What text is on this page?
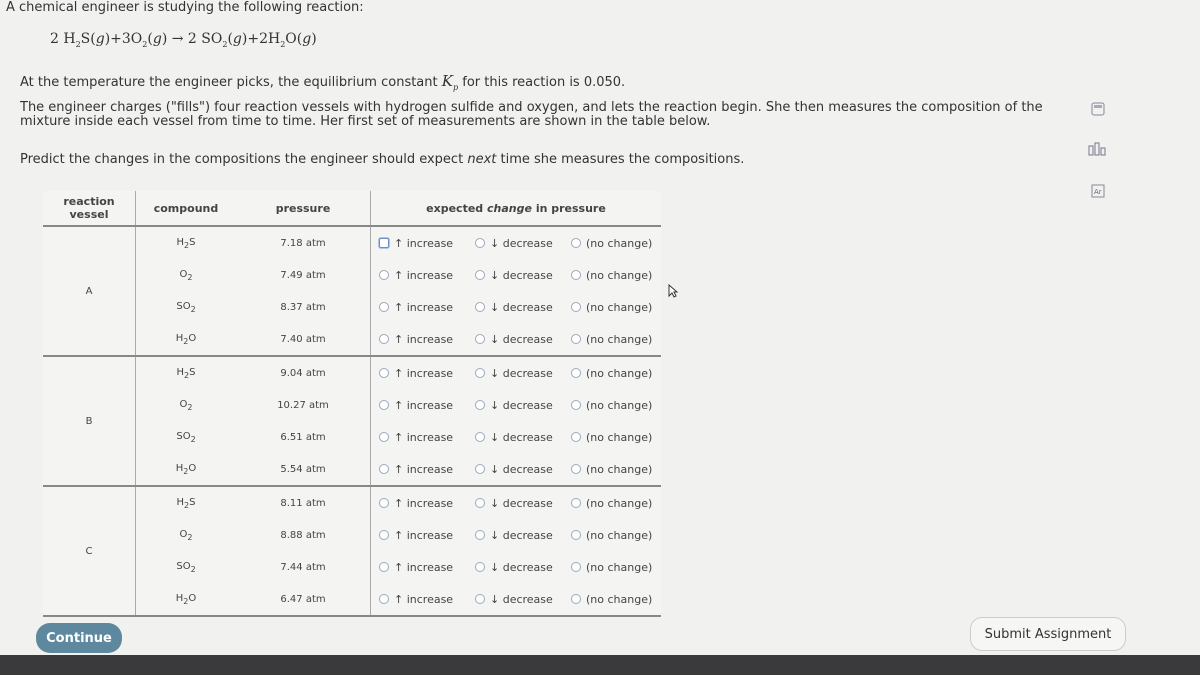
A chemical engineer is studying the following reaction:
2 $H_2S(g)+3O_2(g) \to 2$ $SO_2(g)+2H_2O(g)$
At the temperature the engineer picks, the equilibrium constant $K_p$ for this reaction is 0.050.
The engineer charges ("fills") four reaction vessels with hydrogen sulfide and oxygen, and lets the reaction begin. She then measures the composition of the mixture inside each vessel from time to time. Her first set of measurements are shown in the table below.
Predict the changes in the compositions the engineer should expect next time she measures the compositions.
Ar
reaction vessel	compound	pressure	expected change in pressure
A	$H_2S$	7.18 atm	↑ increase ↓ decrease (no change)

	$O_2$	7.49 atm	↑ increase ↓ decrease (no change)

	$SO_2$	8.37 atm	↑ increase ↓ decrease (no change)

	$H_2O$	7.40 atm	↑ increase ↓ decrease (no change)

B	$H_2S$	9.04 atm	↑ increase ↓ decrease (no change)

	$O_2$	10.27 atm	↑ increase ↓ decrease (no change)

	$SO_2$	6.51 atm	↑ increase ↓ decrease (no change)

	$H_2O$	5.54 atm	↑ increase ↓ decrease (no change)

C	$H_2S$	8.11 atm	↑ increase ↓ decrease (no change)

	$O_2$	8.88 atm	↑ increase ↓ decrease (no change)

	$SO_2$	7.44 atm	↑ increase ↓ decrease (no change)

	$H_2O$	6.47 atm	↑ increase ↓ decrease (no change)
Continue	Submit Assignment
